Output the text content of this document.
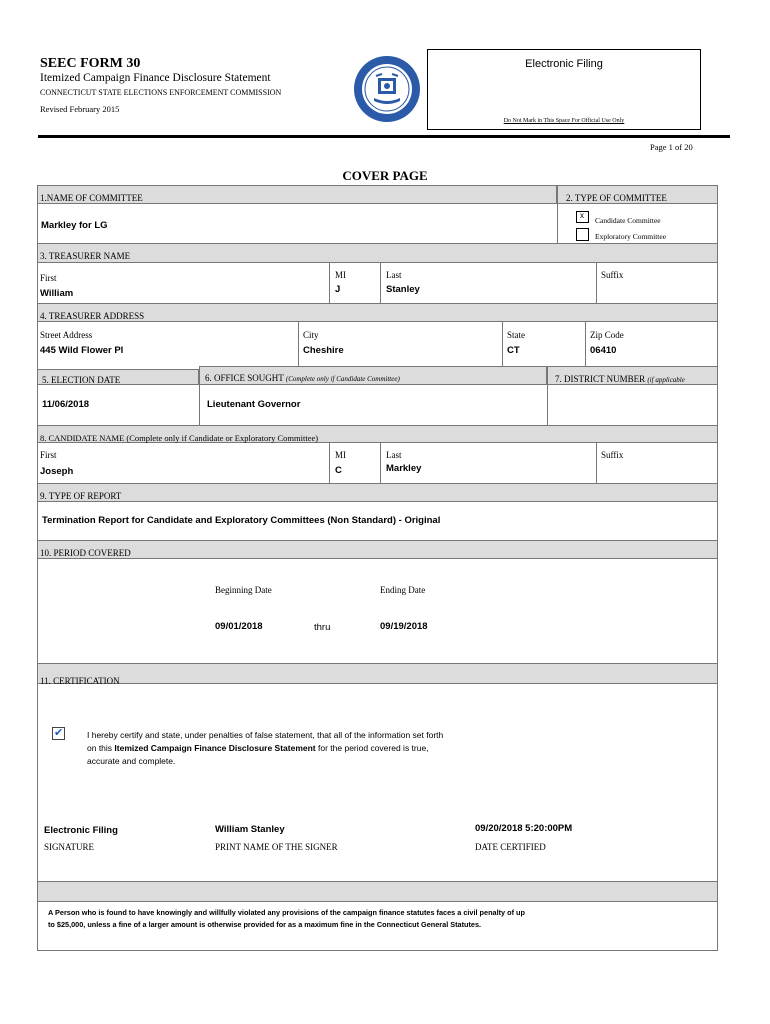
SEEC FORM 30
Itemized Campaign Finance Disclosure Statement
CONNECTICUT STATE ELECTIONS ENFORCEMENT COMMISSION
Revised February 2015
Electronic Filing
Do Not Mark in This Space For Official Use Only
Page 1 of 20
COVER PAGE
1.NAME OF COMMITTEE	2. TYPE OF COMMITTEE
Markley for LG
x
Candidate Committee
Exploratory Committee
3. TREASURER NAME
First
William
MI
J
Last
Stanley
Suffix
4. TREASURER ADDRESS
Street Address
445 Wild Flower Pl
City
Cheshire
State
CT
Zip Code
06410
5. ELECTION DATE	6. OFFICE SOUGHT (Complete only if Candidate Committee)	7. DISTRICT NUMBER (if applicable
11/06/2018	Lieutenant Governor
8. CANDIDATE NAME (Complete only if Candidate or Exploratory Committee)
First
Joseph
MI
C
Last
Markley
Suffix
9. TYPE OF REPORT
Termination Report for Candidate and Exploratory Committees (Non Standard) - Original
10. PERIOD COVERED
Beginning Date
09/01/2018	thru
Ending Date
09/19/2018
11. CERTIFICATION
✔	I hereby certify and state, under penalties of false statement, that all of the information set forth
on this Itemized Campaign Finance Disclosure Statement for the period covered is true,
accurate and complete.
Electronic Filing
SIGNATURE
William Stanley
PRINT NAME OF THE SIGNER
09/20/2018 5:20:00PM
DATE CERTIFIED
A Person who is found to have knowingly and willfully violated any provisions of the campaign finance statutes faces a civil penalty of up
to $25,000, unless a fine of a larger amount is otherwise provided for as a maximum fine in the Connecticut General Statutes.
